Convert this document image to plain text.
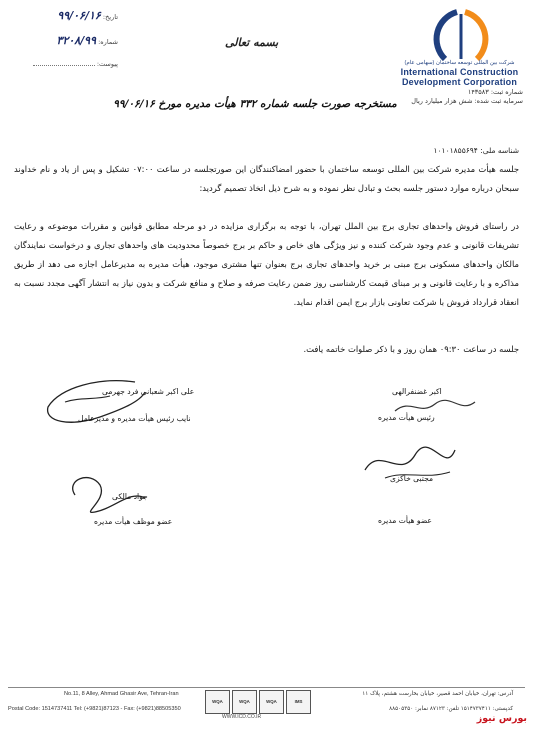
شرکت بین المللی توسعه ساختمان (سهامی عام)
International Construction
Development Corporation
شماره ثبت: ۱۴۳۵۸۳
سرمایه ثبت شده: شش هزار میلیارد ریال
بسمه تعالی
تاریخ: ۹۹/۰۶/۱۶
شماره: ۳۲۰۸/۹۹
پیوست:
مستخرجه صورت جلسه شماره ۳۳۲ هیأت مدیره مورخ ۹۹/۰۶/۱۶
شناسه ملی: ۱۰۱۰۱۸۵۵۶۹۴
جلسه هیأت مدیره شرکت بین المللی توسعه ساختمان با حضور امضاکنندگان این صورتجلسه در ساعت ۰۷:۰۰ تشکیل و پس از یاد و نام خداوند سبحان درباره موارد دستور جلسه بحث و تبادل نظر نموده و به شرح ذیل اتخاذ تصمیم گردید:
در راستای فروش واحدهای تجاری برج بین الملل تهران، با توجه به برگزاری مزایده در دو مرحله مطابق قوانین و مقررات موضوعه و رعایت تشریفات قانونی و عدم وجود شرکت کننده و نیز ویژگی های خاص و حاکم بر برج خصوصاً محدودیت های واحدهای تجاری و درخواست نمایندگان مالکان واحدهای مسکونی برج مبنی بر خرید واحدهای تجاری برج بعنوان تنها مشتری موجود، هیأت مدیره به مدیرعامل اجازه می دهد از طریق مذاکره و با رعایت قانونی و بر مبنای قیمت کارشناسی روز ضمن رعایت صرفه و صلاح و منافع شرکت و بدون نیاز به انتشار آگهی مجدد نسبت به انعقاد قرارداد فروش با شرکت تعاونی بازار برج ایمن اقدام نماید.
جلسه در ساعت ۰۹:۳۰ همان روز و با ذکر صلوات خاتمه یافت.
اکبر غضنفرالهی
رئیس هیأت مدیره
علی اکبر شعبانی فرد جهرمی
نایب رئیس هیأت مدیره و مدیرعامل
مجتبی خاکزی
عضو هیأت مدیره
جواد مالکی
عضو موظف هیأت مدیره
No.11, 8 Alley, Ahmad Ghasir Ave, Tehran-Iran	آدرس: تهران، خیابان احمد قصیر، خیابان بخارست هشتم، پلاک ۱۱
Postal Code: 1514737411 Tel: (+9821)87123 - Fax: (+9821)88505350	کدپستی: ۱۵۱۴۷۳۷۴۱۱ تلفن: ۸۷۱۲۳ نمابر: ۸۸۵۰۵۳۵۰
WQA	WQA	WQA	IMS
WWW.ICD.CO.IR	بورس نیوز
